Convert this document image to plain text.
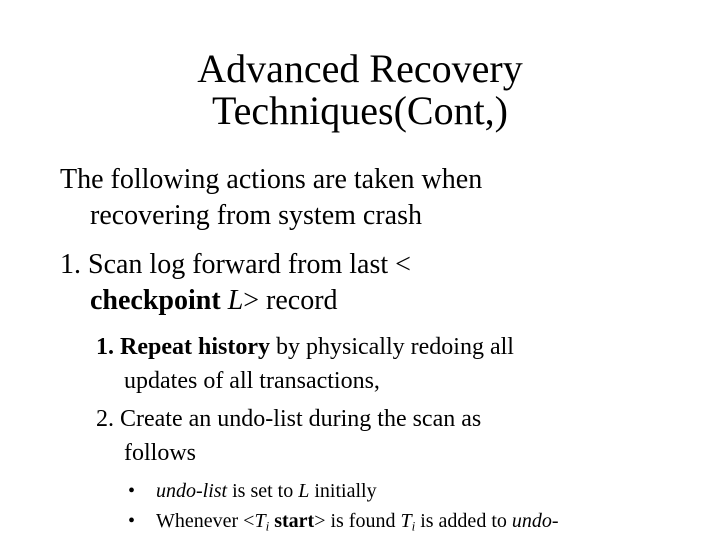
Advanced Recovery
Techniques(Cont,)
The following actions are taken when
recovering from system crash
1. Scan log forward from last <
checkpoint L> record
1. Repeat history by physically redoing all
updates of all transactions,
2. Create an undo-list during the scan as
follows
• undo-list is set to L initially
• Whenever $<T_i$ start> is found $T_i$ is added to undo-
